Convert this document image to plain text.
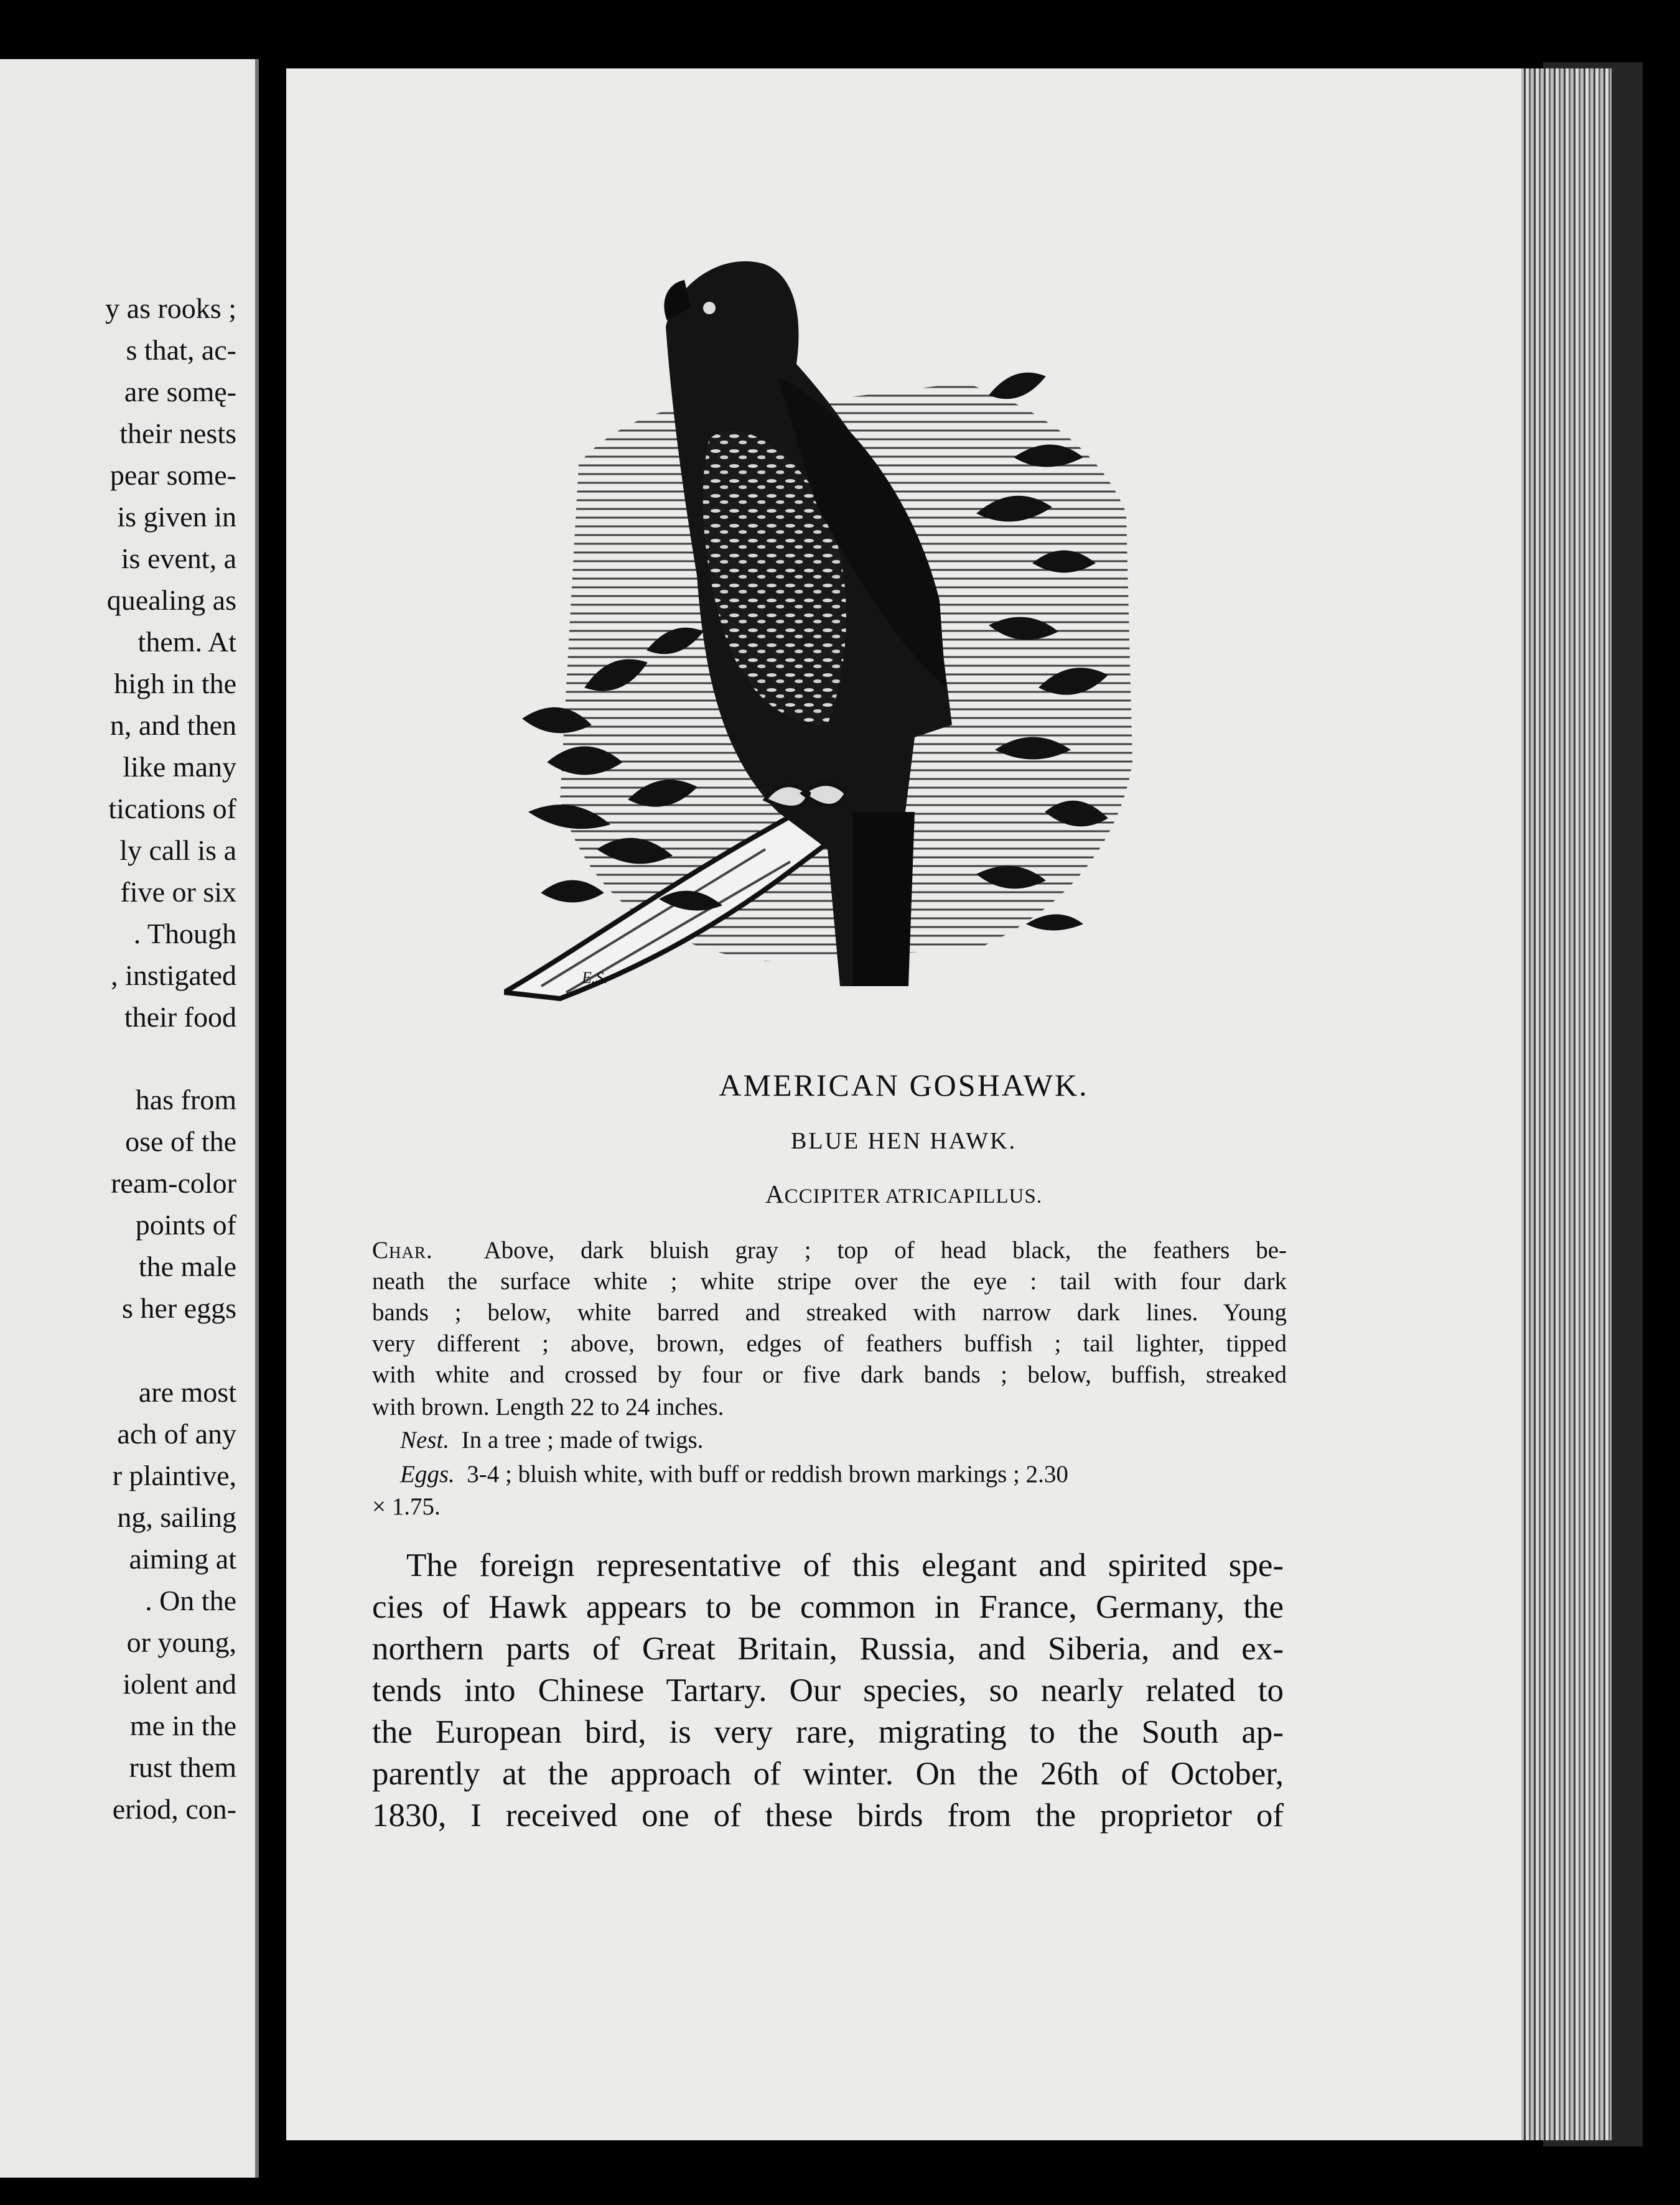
y as rooks ;
s that, ac-
are somę-
their nests
pear some-
is given in
is event, a
quealing as
them. At
high in the
n, and then
like many
tications of
ly call is a
five or six
. Though
, instigated
their food
has from
ose of the
ream-color
points of
the male
s her eggs
are most
ach of any
r plaintive,
ng, sailing
aiming at
. On the
or young,
iolent and
me in the
rust them
eriod, con-
E.S.
AMERICAN GOSHAWK.
BLUE HEN HAWK.
ACCIPITER ATRICAPILLUS.
Char. Above, dark bluish gray ; top of head black, the feathers be-
neath the surface white ; white stripe over the eye : tail with four dark
bands ; below, white barred and streaked with narrow dark lines. Young
very different ; above, brown, edges of feathers buffish ; tail lighter, tipped
with white and crossed by four or five dark bands ; below, buffish, streaked
with brown. Length 22 to 24 inches.
Nest. In a tree ; made of twigs.
Eggs. 3-4 ; bluish white, with buff or reddish brown markings ; 2.30
× 1.75.
The foreign representative of this elegant and spirited spe-
cies of Hawk appears to be common in France, Germany, the
northern parts of Great Britain, Russia, and Siberia, and ex-
tends into Chinese Tartary. Our species, so nearly related to
the European bird, is very rare, migrating to the South ap-
parently at the approach of winter. On the 26th of October,
1830, I received one of these birds from the proprietor of
